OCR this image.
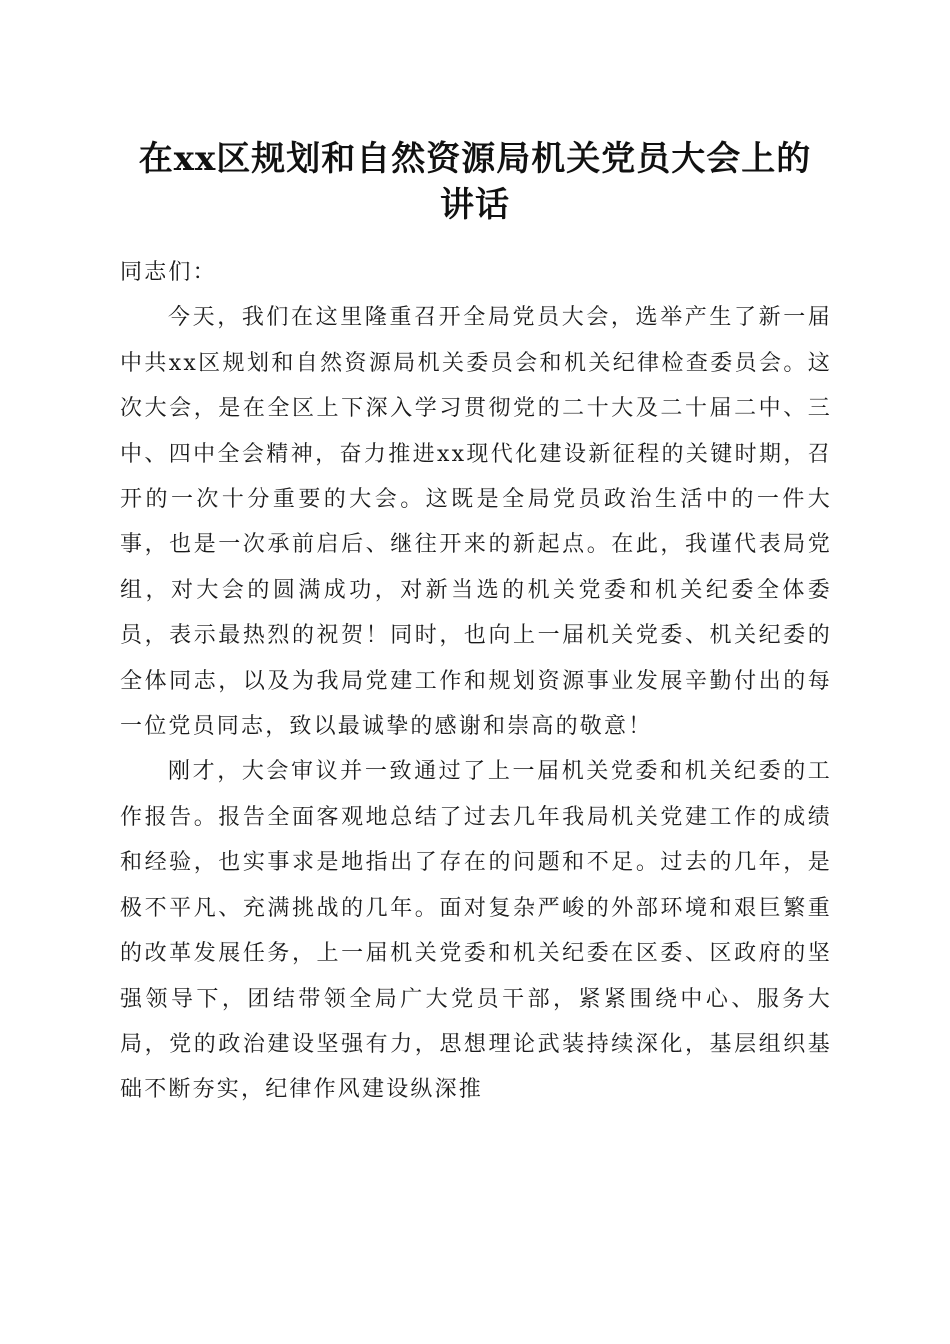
在xx区规划和自然资源局机关党员大会上的
讲话

同志们：

今天，我们在这里隆重召开全局党员大会，选举产生了新一届中共xx区规划和自然资源局机关委员会和机关纪律检查委员会。这次大会，是在全区上下深入学习贯彻党的二十大及二十届二中、三中、四中全会精神，奋力推进xx现代化建设新征程的关键时期，召开的一次十分重要的大会。这既是全局党员政治生活中的一件大事，也是一次承前启后、继往开来的新起点。在此，我谨代表局党组，对大会的圆满成功，对新当选的机关党委和机关纪委全体委员，表示最热烈的祝贺！同时，也向上一届机关党委、机关纪委的全体同志，以及为我局党建工作和规划资源事业发展辛勤付出的每一位党员同志，致以最诚挚的感谢和崇高的敬意！

刚才，大会审议并一致通过了上一届机关党委和机关纪委的工作报告。报告全面客观地总结了过去几年我局机关党建工作的成绩和经验，也实事求是地指出了存在的问题和不足。过去的几年，是极不平凡、充满挑战的几年。面对复杂严峻的外部环境和艰巨繁重的改革发展任务，上一届机关党委和机关纪委在区委、区政府的坚强领导下，团结带领全局广大党员干部，紧紧围绕中心、服务大局，党的政治建设坚强有力，思想理论武装持续深化，基层组织基础不断夯实，纪律作风建设纵深推
